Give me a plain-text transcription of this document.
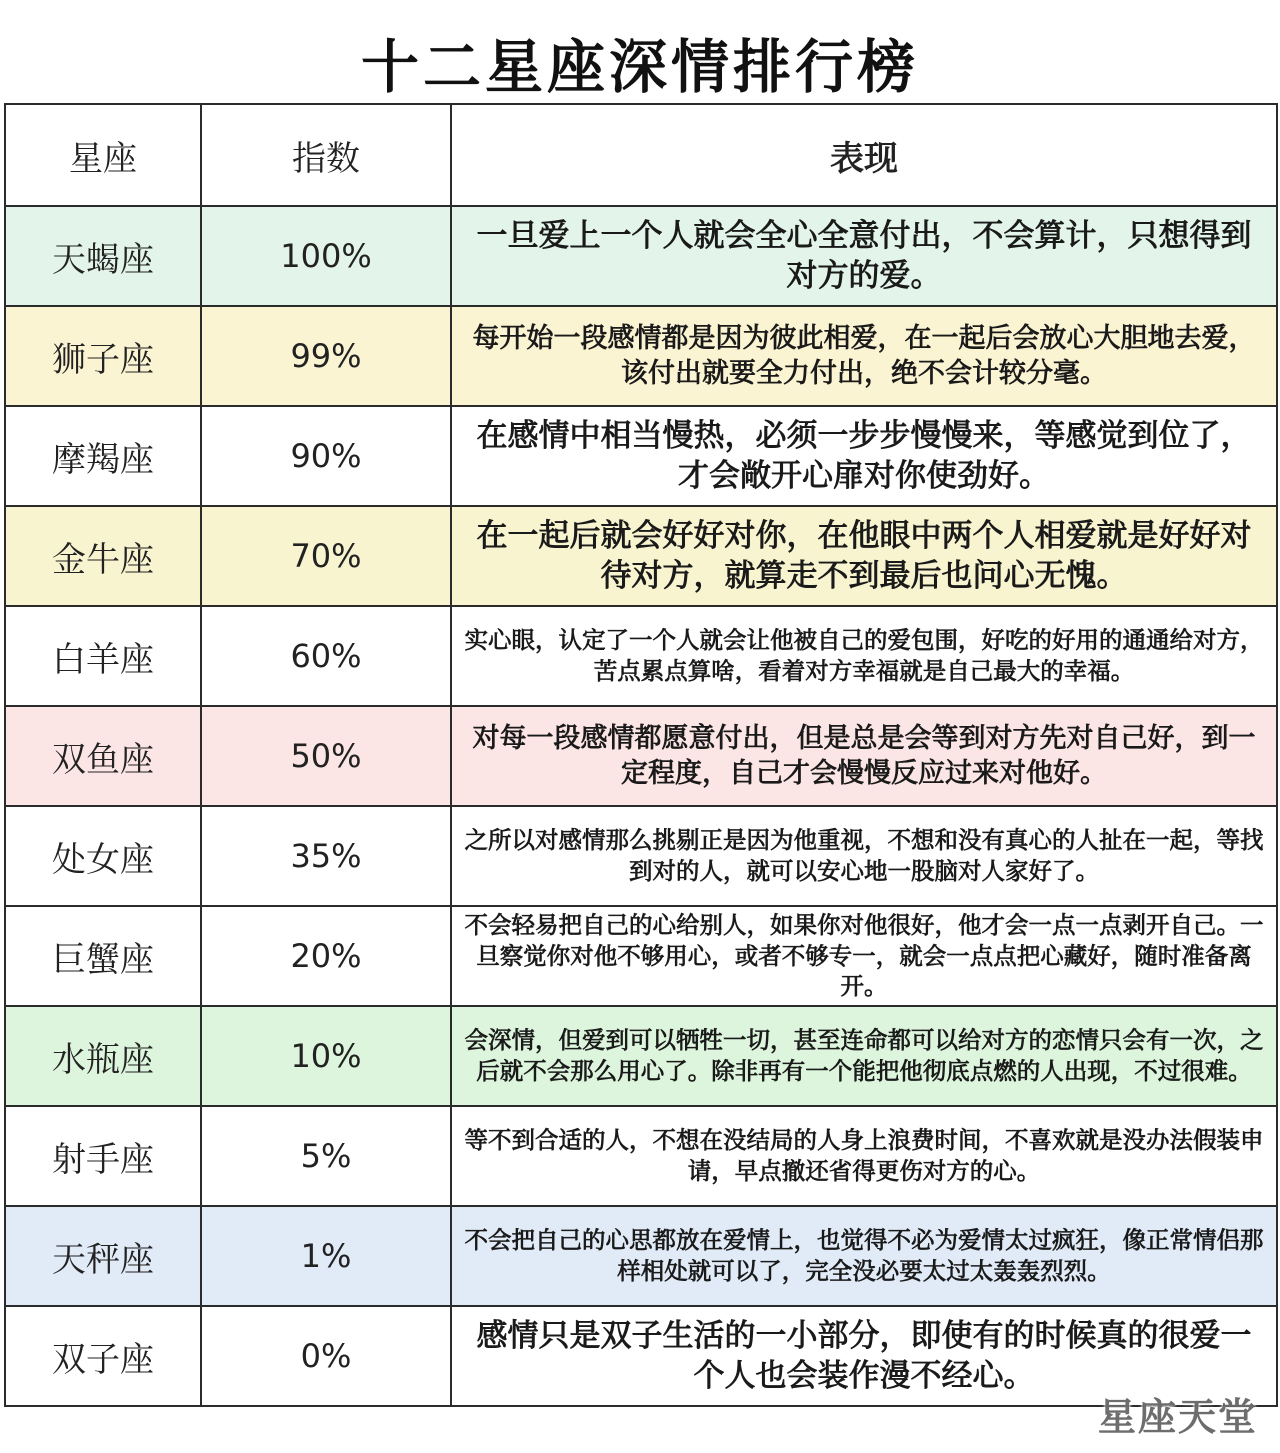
十二星座深情排行榜
星座	指数	表现
天蝎座	100%	一旦爱上一个人就会全心全意付出，不会算计，只想得到对方的爱。
狮子座	99%	每开始一段感情都是因为彼此相爱，在一起后会放心大胆地去爱，该付出就要全力付出，绝不会计较分毫。
摩羯座	90%	在感情中相当慢热，必须一步步慢慢来，等感觉到位了，才会敞开心扉对你使劲好。
金牛座	70%	在一起后就会好好对你，在他眼中两个人相爱就是好好对待对方，就算走不到最后也问心无愧。
白羊座	60%	实心眼，认定了一个人就会让他被自己的爱包围，好吃的好用的通通给对方，苦点累点算啥，看着对方幸福就是自己最大的幸福。
双鱼座	50%	对每一段感情都愿意付出，但是总是会等到对方先对自己好，到一定程度，自己才会慢慢反应过来对他好。
处女座	35%	之所以对感情那么挑剔正是因为他重视，不想和没有真心的人扯在一起，等找到对的人，就可以安心地一股脑对人家好了。
巨蟹座	20%	不会轻易把自己的心给别人，如果你对他很好，他才会一点一点剥开自己。一旦察觉你对他不够用心，或者不够专一，就会一点点把心藏好，随时准备离开。
水瓶座	10%	会深情，但爱到可以牺牲一切，甚至连命都可以给对方的恋情只会有一次，之后就不会那么用心了。除非再有一个能把他彻底点燃的人出现，不过很难。
射手座	5%	等不到合适的人，不想在没结局的人身上浪费时间，不喜欢就是没办法假装申请，早点撤还省得更伤对方的心。
天秤座	1%	不会把自己的心思都放在爱情上，也觉得不必为爱情太过疯狂，像正常情侣那样相处就可以了，完全没必要太过太轰轰烈烈。
双子座	0%	感情只是双子生活的一小部分，即使有的时候真的很爱一个人也会装作漫不经心。
星座天堂
